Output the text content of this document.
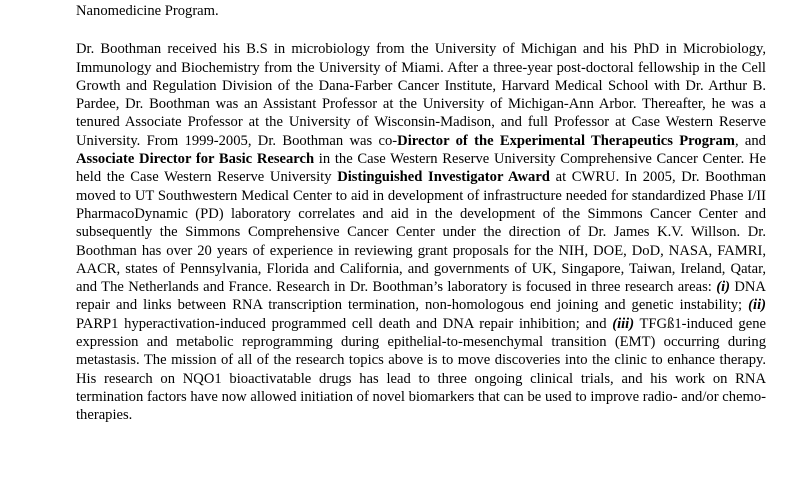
Nanomedicine Program.

Dr. Boothman received his B.S in microbiology from the University of Michigan and his PhD in Microbiology, Immunology and Biochemistry from the University of Miami. After a three-year post-doctoral fellowship in the Cell Growth and Regulation Division of the Dana-Farber Cancer Institute, Harvard Medical School with Dr. Arthur B. Pardee, Dr. Boothman was an Assistant Professor at the University of Michigan-Ann Arbor. Thereafter, he was a tenured Associate Professor at the University of Wisconsin-Madison, and full Professor at Case Western Reserve University. From 1999-2005, Dr. Boothman was co-Director of the Experimental Therapeutics Program, and Associate Director for Basic Research in the Case Western Reserve University Comprehensive Cancer Center. He held the Case Western Reserve University Distinguished Investigator Award at CWRU. In 2005, Dr. Boothman moved to UT Southwestern Medical Center to aid in development of infrastructure needed for standardized Phase I/II PharmacoDynamic (PD) laboratory correlates and aid in the development of the Simmons Cancer Center and subsequently the Simmons Comprehensive Cancer Center under the direction of Dr. James K.V. Willson. Dr. Boothman has over 20 years of experience in reviewing grant proposals for the NIH, DOE, DoD, NASA, FAMRI, AACR, states of Pennsylvania, Florida and California, and governments of UK, Singapore, Taiwan, Ireland, Qatar, and The Netherlands and France. Research in Dr. Boothman’s laboratory is focused in three research areas: (i) DNA repair and links between RNA transcription termination, non-homologous end joining and genetic instability; (ii) PARP1 hyperactivation-induced programmed cell death and DNA repair inhibition; and (iii) TFGß1-induced gene expression and metabolic reprogramming during epithelial-to-mesenchymal transition (EMT) occurring during metastasis. The mission of all of the research topics above is to move discoveries into the clinic to enhance therapy. His research on NQO1 bioactivatable drugs has lead to three ongoing clinical trials, and his work on RNA termination factors have now allowed initiation of novel biomarkers that can be used to improve radio- and/or chemo-therapies.
